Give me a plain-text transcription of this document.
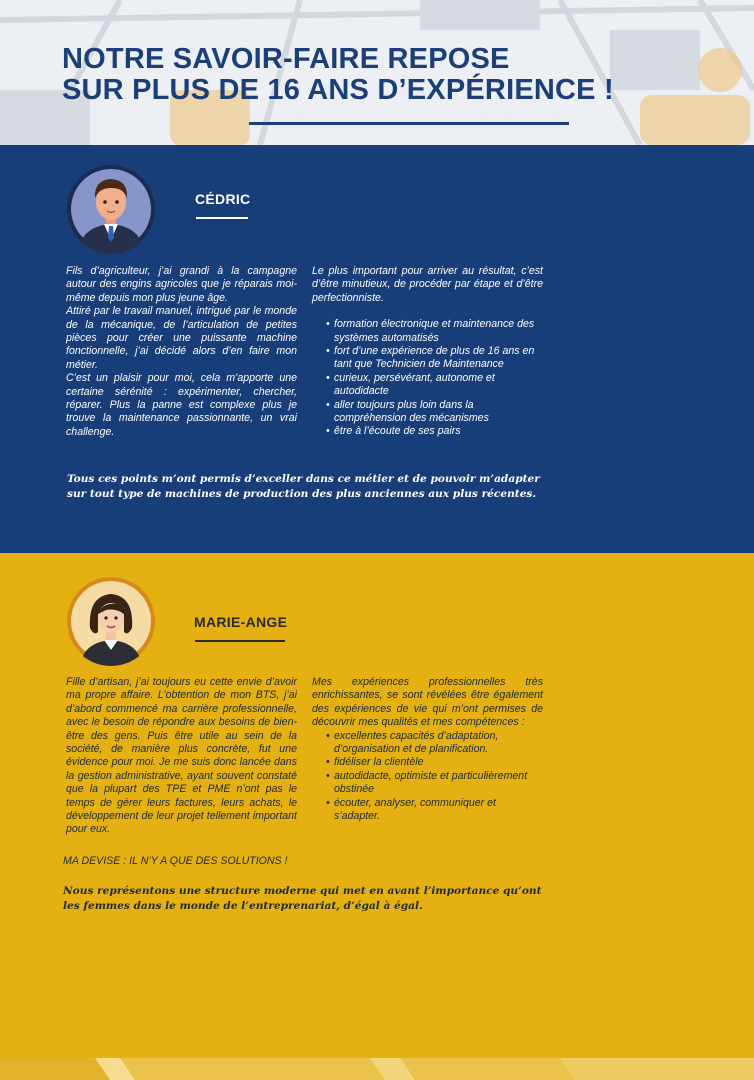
NOTRE SAVOIR-FAIRE REPOSE
SUR PLUS DE 16 ANS D’EXPÉRIENCE !
CÉDRIC

Fils d’agriculteur, j’ai grandi à la campagne autour des engins agricoles que je réparais moi-même depuis mon plus jeune âge.

Attiré par le travail manuel, intrigué par le monde de la mécanique, de l’articulation de petites pièces pour créer une puissante machine fonctionnelle, j’ai décidé alors d’en faire mon métier.

C’est un plaisir pour moi, cela m’apporte une certaine sérénité : expérimenter, chercher, réparer. Plus la panne est complexe plus je trouve la maintenance passionnante, un vrai challenge.

Le plus important pour arriver au résultat, c’est d’être minutieux, de procéder par étape et d’être perfectionniste.

• formation électronique et maintenance des systèmes automatisés
• fort d’une expérience de plus de 16 ans en tant que Technicien de Maintenance
• curieux, persévérant, autonome et autodidacte
• aller toujours plus loin dans la compréhension des mécanismes
• être à l’écoute de ses pairs

Tous ces points m’ont permis d’exceller dans ce métier et de pouvoir m’adapter sur tout type de machines de production des plus anciennes aux plus récentes.

MARIE-ANGE

Fille d’artisan, j’ai toujours eu cette envie d’avoir ma propre affaire. L’obtention de mon BTS, j’ai d’abord commencé ma carrière professionnelle, avec le besoin de répondre aux besoins de bien-être des gens. Puis être utile au sein de la société, de manière plus concrète, fut une évidence pour moi. Je me suis donc lancée dans la gestion administrative, ayant souvent constaté que la plupart des TPE et PME n’ont pas le temps de gérer leurs factures, leurs achats, le développement de leur projet tellement important pour eux.

Mes expériences professionnelles très enrichissantes, se sont révélées être également des expériences de vie qui m’ont permises de découvrir mes qualités et mes compétences :

• excellentes capacités d’adaptation, d’organisation et de planification.
• fidéliser la clientèle
• autodidacte, optimiste et particulièrement obstinée
• écouter, analyser, communiquer et s’adapter.

MA DEVISE : IL N’Y A QUE DES SOLUTIONS !

Nous représentons une structure moderne qui met en avant l’importance qu’ont les femmes dans le monde de l’entreprenariat, d’égal à égal.
